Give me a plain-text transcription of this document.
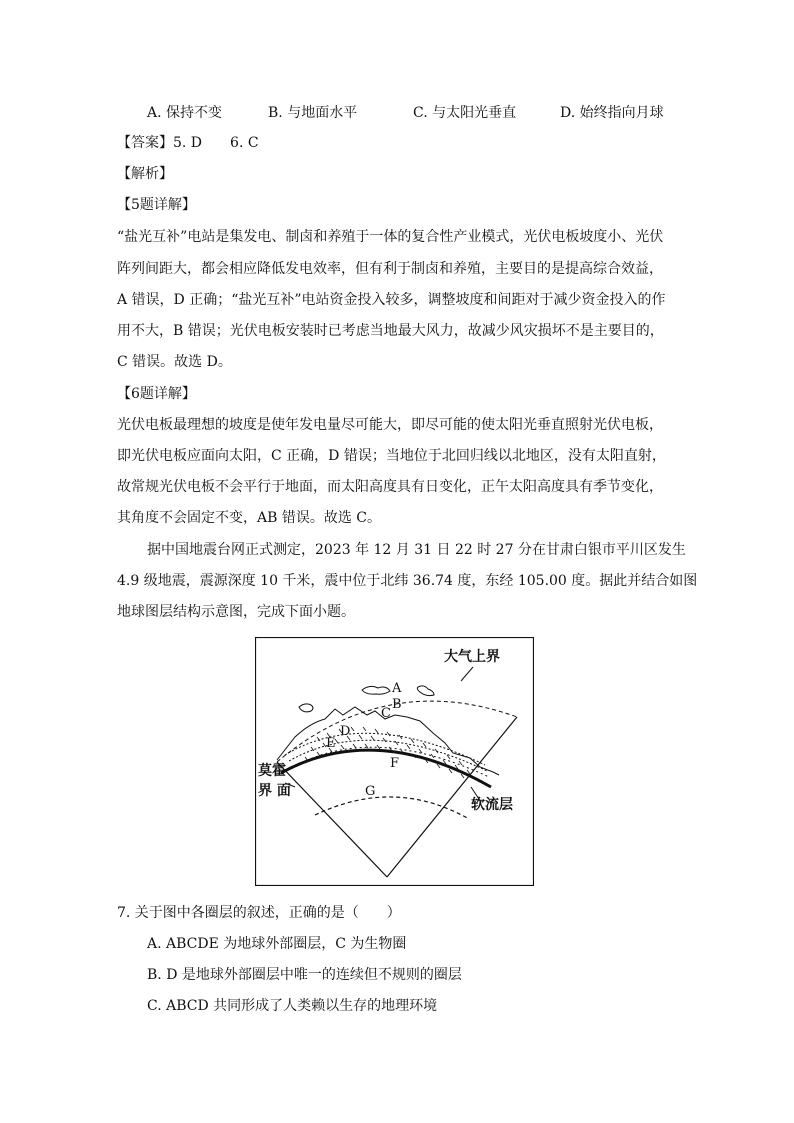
A. 保持不变	B. 与地面水平	C. 与太阳光垂直	D. 始终指向月球
【答案】5. D　　6. C
【解析】
【5题详解】
“盐光互补”电站是集发电、制卤和养殖于一体的复合性产业模式，光伏电板坡度小、光伏
阵列间距大，都会相应降低发电效率，但有利于制卤和养殖，主要目的是提高综合效益，
A 错误，D 正确；“盐光互补”电站资金投入较多，调整坡度和间距对于减少资金投入的作
用不大，B 错误；光伏电板安装时已考虑当地最大风力，故减少风灾损坏不是主要目的，
C 错误。故选 D。
【6题详解】
光伏电板最理想的坡度是使年发电量尽可能大，即尽可能的使太阳光垂直照射光伏电板，
即光伏电板应面向太阳，C 正确，D 错误；当地位于北回归线以北地区，没有太阳直射，
故常规光伏电板不会平行于地面，而太阳高度具有日变化，正午太阳高度具有季节变化，
其角度不会固定不变，AB 错误。故选 C。
据中国地震台网正式测定，2023 年 12 月 31 日 22 时 27 分在甘肃白银市平川区发生
4.9 级地震，震源深度 10 千米，震中位于北纬 36.74 度，东经 105.00 度。据此并结合如图
地球图层结构示意图，完成下面小题。
大气上界
A
B
C
D
E
F
G
莫霍
界 面
软流层
7. 关于图中各圈层的叙述，正确的是（　　）
A. ABCDE 为地球外部圈层，C 为生物圈
B. D 是地球外部圈层中唯一的连续但不规则的圈层
C. ABCD 共同形成了人类赖以生存的地理环境
